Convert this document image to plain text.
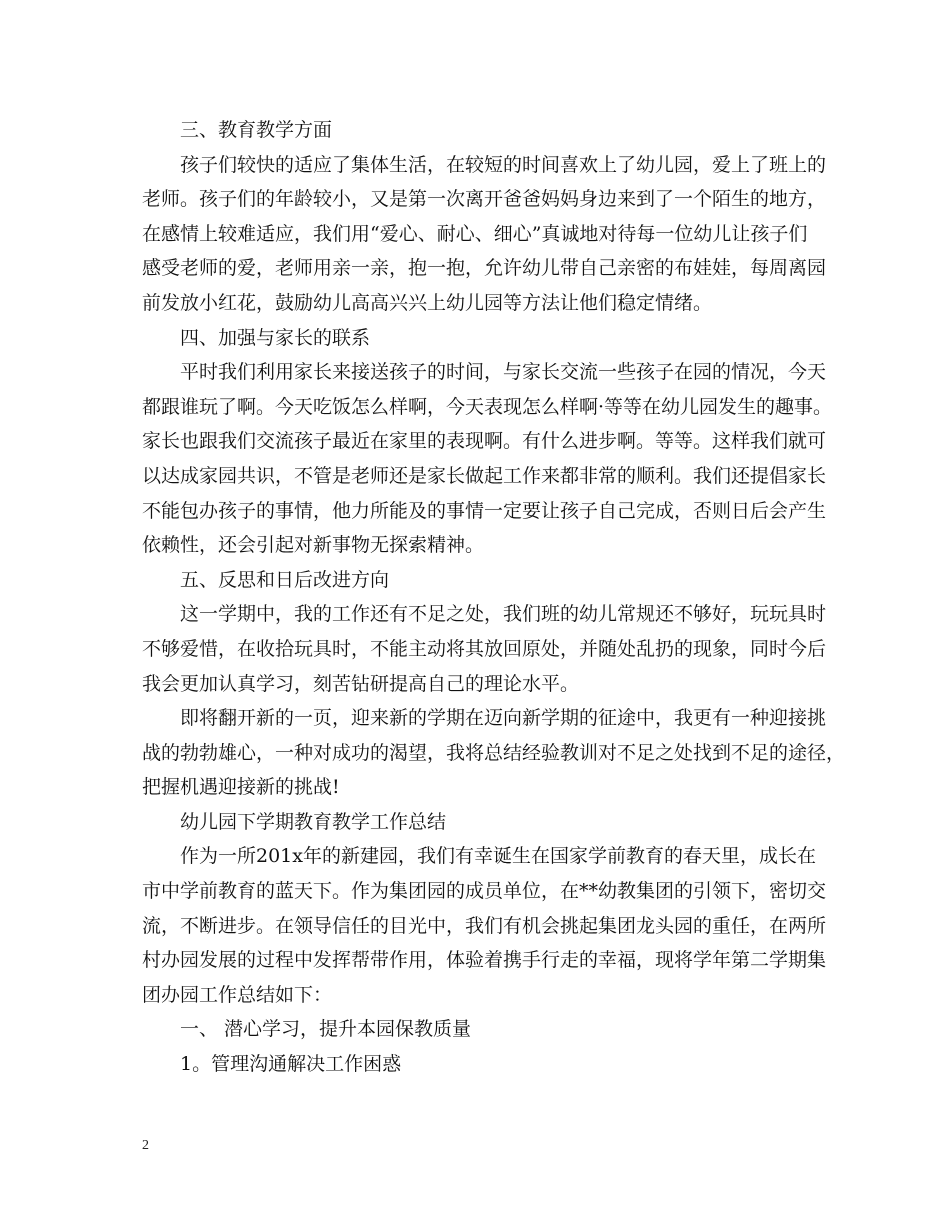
三、教育教学方面

孩子们较快的适应了集体生活，在较短的时间喜欢上了幼儿园，爱上了班上的
老师。孩子们的年龄较小，又是第一次离开爸爸妈妈身边来到了一个陌生的地方，
在感情上较难适应，我们用“爱心、耐心、细心”真诚地对待每一位幼儿让孩子们
感受老师的爱，老师用亲一亲，抱一抱，允许幼儿带自己亲密的布娃娃，每周离园
前发放小红花，鼓励幼儿高高兴兴上幼儿园等方法让他们稳定情绪。

四、加强与家长的联系

平时我们利用家长来接送孩子的时间，与家长交流一些孩子在园的情况，今天
都跟谁玩了啊。今天吃饭怎么样啊，今天表现怎么样啊·等等在幼儿园发生的趣事。
家长也跟我们交流孩子最近在家里的表现啊。有什么进步啊。等等。这样我们就可
以达成家园共识，不管是老师还是家长做起工作来都非常的顺利。我们还提倡家长
不能包办孩子的事情，他力所能及的事情一定要让孩子自己完成，否则日后会产生
依赖性，还会引起对新事物无探索精神。

五、反思和日后改进方向

这一学期中，我的工作还有不足之处，我们班的幼儿常规还不够好，玩玩具时
不够爱惜，在收拾玩具时，不能主动将其放回原处，并随处乱扔的现象，同时今后
我会更加认真学习，刻苦钻研提高自己的理论水平。

即将翻开新的一页，迎来新的学期在迈向新学期的征途中，我更有一种迎接挑
战的勃勃雄心，一种对成功的渴望，我将总结经验教训对不足之处找到不足的途径，
把握机遇迎接新的挑战!

幼儿园下学期教育教学工作总结

作为一所201x年的新建园，我们有幸诞生在国家学前教育的春天里，成长在
市中学前教育的蓝天下。作为集团园的成员单位，在**幼教集团的引领下，密切交
流，不断进步。在领导信任的目光中，我们有机会挑起集团龙头园的重任，在两所
村办园发展的过程中发挥帮带作用，体验着携手行走的幸福，现将学年第二学期集
团办园工作总结如下：

一、 潜心学习，提升本园保教质量

1。管理沟通解决工作困惑

2
